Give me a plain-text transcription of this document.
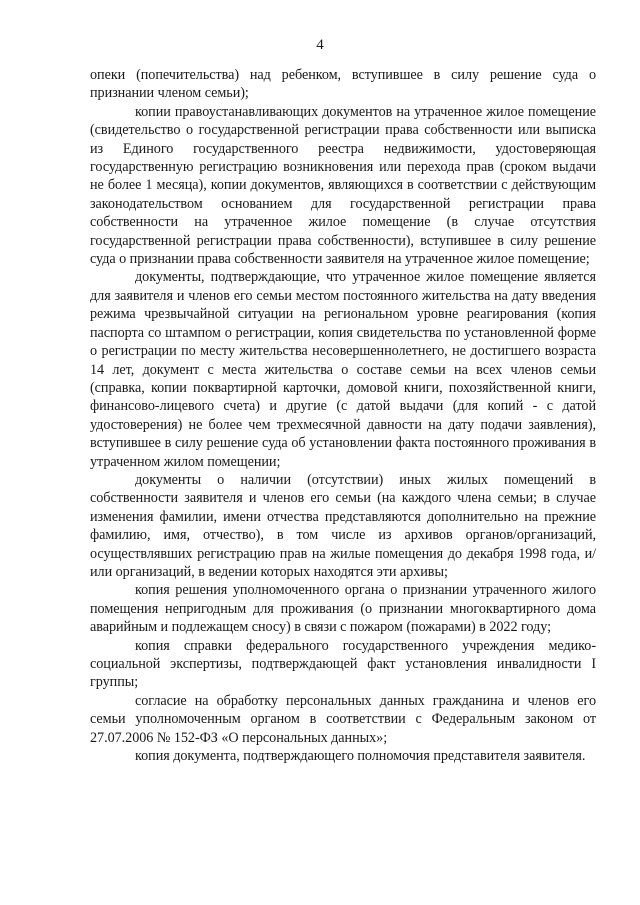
4

опеки (попечительства) над ребенком, вступившее в силу решение суда о признании членом семьи);

копии правоустанавливающих документов на утраченное жилое помещение (свидетельство о государственной регистрации права собственности или выписка из Единого государственного реестра недвижимости, удостоверяющая государственную регистрацию возникновения или перехода прав (сроком выдачи не более 1 месяца), копии документов, являющихся в соответствии с действующим законодательством основанием для государственной регистрации права собственности на утраченное жилое помещение (в случае отсутствия государственной регистрации права собственности), вступившее в силу решение суда о признании права собственности заявителя на утраченное жилое помещение;

документы, подтверждающие, что утраченное жилое помещение является для заявителя и членов его семьи местом постоянного жительства на дату введения режима чрезвычайной ситуации на региональном уровне реагирования (копия паспорта со штампом о регистрации, копия свидетельства по установленной форме о регистрации по месту жительства несовершеннолетнего, не достигшего возраста 14 лет, документ с места жительства о составе семьи на всех членов семьи (справка, копии поквартирной карточки, домовой книги, похозяйственной книги, финансово-лицевого счета) и другие (с датой выдачи (для копий - с датой удостоверения) не более чем трехмесячной давности на дату подачи заявления), вступившее в силу решение суда об установлении факта постоянного проживания в утраченном жилом помещении;

документы о наличии (отсутствии) иных жилых помещений в собственности заявителя и членов его семьи (на каждого члена семьи; в случае изменения фамилии, имени отчества представляются дополнительно на прежние фамилию, имя, отчество), в том числе из архивов органов/организаций, осуществлявших регистрацию прав на жилые помещения до декабря 1998 года, и/или организаций, в ведении которых находятся эти архивы;

копия решения уполномоченного органа о признании утраченного жилого помещения непригодным для проживания (о признании многоквартирного дома аварийным и подлежащем сносу) в связи с пожаром (пожарами) в 2022 году;

копия справки федерального государственного учреждения медико-социальной экспертизы, подтверждающей факт установления инвалидности I группы;

согласие на обработку персональных данных гражданина и членов его семьи уполномоченным органом в соответствии с Федеральным законом от 27.07.2006 № 152-ФЗ «О персональных данных»;

копия документа, подтверждающего полномочия представителя заявителя.
